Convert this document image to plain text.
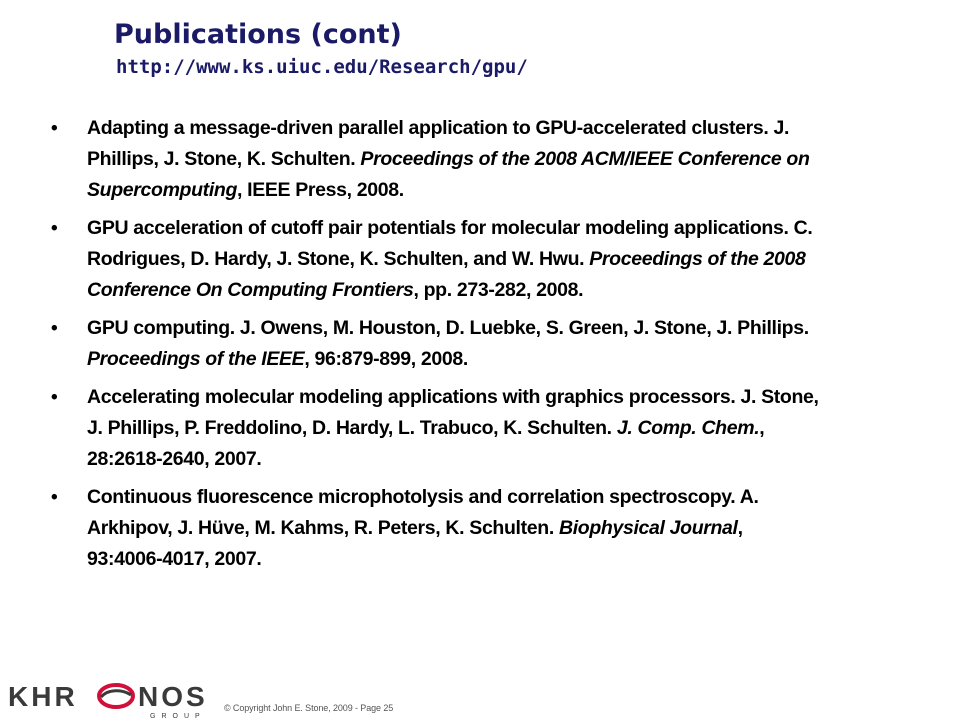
Publications (cont)
http://www.ks.uiuc.edu/Research/gpu/
• Adapting a message-driven parallel application to GPU-accelerated clusters. J. Phillips, J. Stone, K. Schulten. Proceedings of the 2008 ACM/IEEE Conference on Supercomputing, IEEE Press, 2008.
• GPU acceleration of cutoff pair potentials for molecular modeling applications. C. Rodrigues, D. Hardy, J. Stone, K. Schulten, and W. Hwu. Proceedings of the 2008 Conference On Computing Frontiers, pp. 273-282, 2008.
• GPU computing. J. Owens, M. Houston, D. Luebke, S. Green, J. Stone, J. Phillips. Proceedings of the IEEE, 96:879-899, 2008.
• Accelerating molecular modeling applications with graphics processors. J. Stone, J. Phillips, P. Freddolino, D. Hardy, L. Trabuco, K. Schulten. J. Comp. Chem., 28:2618-2640, 2007.
• Continuous fluorescence microphotolysis and correlation spectroscopy. A. Arkhipov, J. Hüve, M. Kahms, R. Peters, K. Schulten. Biophysical Journal, 93:4006-4017, 2007.
KHR NOS
GROUP
© Copyright John E. Stone, 2009 - Page 25
